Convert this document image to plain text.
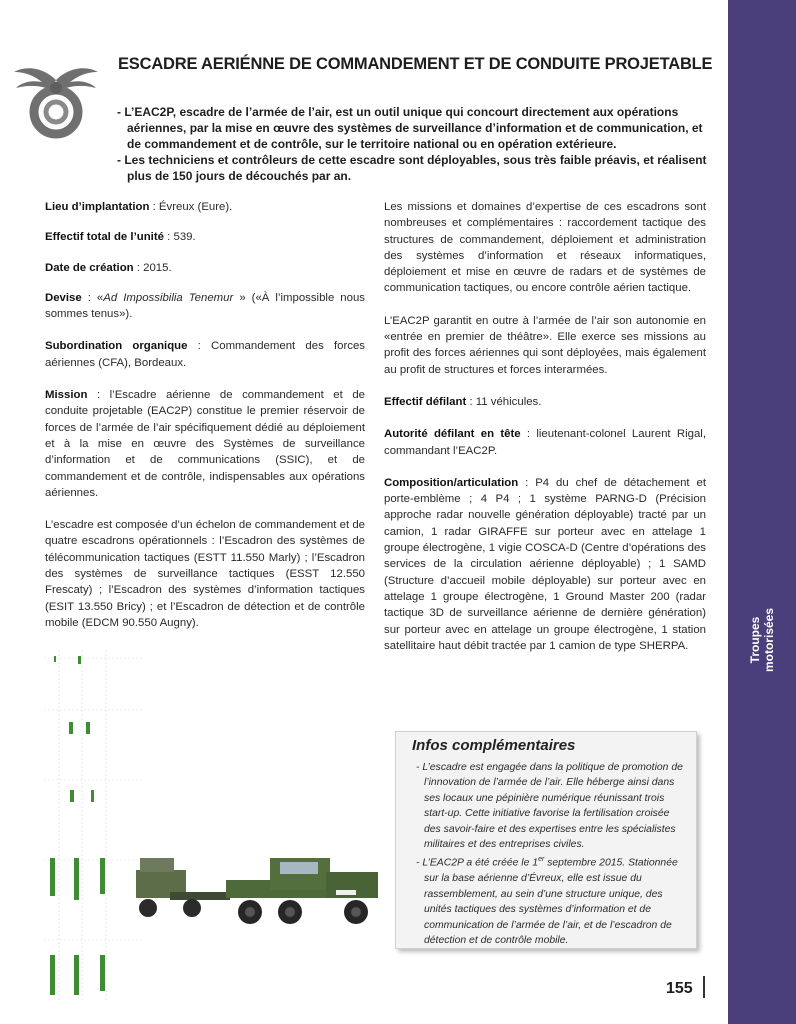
Troupes motorisées
ESCADRE AERIÉNNE DE COMMANDEMENT ET DE CONDUITE PROJETABLE

- L’EAC2P, escadre de l’armée de l’air, est un outil unique qui concourt directement aux opérations aériennes, par la mise en œuvre des systèmes de surveillance d’information et de communication, et de commandement et de contrôle, sur le territoire national ou en opération extérieure.

- Les techniciens et contrôleurs de cette escadre sont déployables, sous très faible préavis, et réalisent plus de 150 jours de découchés par an.

Lieu d’implantation : Évreux (Eure).

Effectif total de l’unité : 539.

Date de création : 2015.

Devise : «Ad Impossibilia Tenemur » («À l’impossible nous sommes tenus»).

Subordination organique : Commandement des forces aériennes (CFA), Bordeaux.

Mission : l’Escadre aérienne de commandement et de conduite projetable (EAC2P) constitue le premier réservoir de forces de l’armée de l’air spécifiquement dédié au déploiement et à la mise en œuvre des Systèmes de surveillance d’information et de communications (SSIC), et de commandement et de contrôle, indispensables aux opérations aériennes.

L’escadre est composée d’un échelon de commandement et de quatre escadrons opérationnels : l’Escadron des systèmes de télécommunication tactiques (ESTT 11.550 Marly) ; l’Escadron des systèmes de surveillance tactiques (ESST 12.550 Frescaty) ; l’Escadron des systèmes d’information tactiques (ESIT 13.550 Bricy) ; et l’Escadron de détection et de contrôle mobile (EDCM 90.550 Augny).

Les missions et domaines d’expertise de ces escadrons sont nombreuses et complémentaires : raccordement tactique des structures de commandement, déploiement et administration des systèmes d’information et réseaux informatiques, déploiement et mise en œuvre de radars et de systèmes de communication tactiques, ou encore contrôle aérien tactique.

L’EAC2P garantit en outre à l’armée de l’air son autonomie en «entrée en premier de théâtre». Elle exerce ses missions au profit des forces aériennes qui sont déployées, mais également au profit de structures et forces interarmées.

Effectif défilant : 11 véhicules.

Autorité défilant en tête : lieutenant-colonel Laurent Rigal, commandant l’EAC2P.

Composition/articulation : P4 du chef de détachement et porte-emblème ; 4 P4 ; 1 système PARNG-D (Précision approche radar nouvelle génération déployable) tracté par un camion, 1 radar GIRAFFE sur porteur avec en attelage 1 groupe électrogène, 1 vigie COSCA-D (Centre d’opérations des services de la circulation aérienne déployable) ; 1 SAMD (Structure d’accueil mobile déployable) sur porteur avec en attelage 1 groupe électrogène, 1 Ground Master 200 (radar tactique 3D de surveillance aérienne de dernière génération) sur porteur avec en attelage un groupe électrogène, 1 station satellitaire haut débit tractée par 1 camion de type SHERPA.

Infos complémentaires

- L’escadre est engagée dans la politique de promotion de l’innovation de l’armée de l’air. Elle héberge ainsi dans ses locaux une pépinière numérique réunissant trois start-up. Cette initiative favorise la fertilisation croisée des savoir-faire et des expertises entre les spécialistes militaires et des entreprises civiles.

- L’EAC2P a été créée le 1er septembre 2015. Stationnée sur la base aérienne d’Évreux, elle est issue du rassemblement, au sein d’une structure unique, des unités tactiques des systèmes d’information et de communication de l’armée de l’air, et de l’escadron de détection et de contrôle mobile.

155
